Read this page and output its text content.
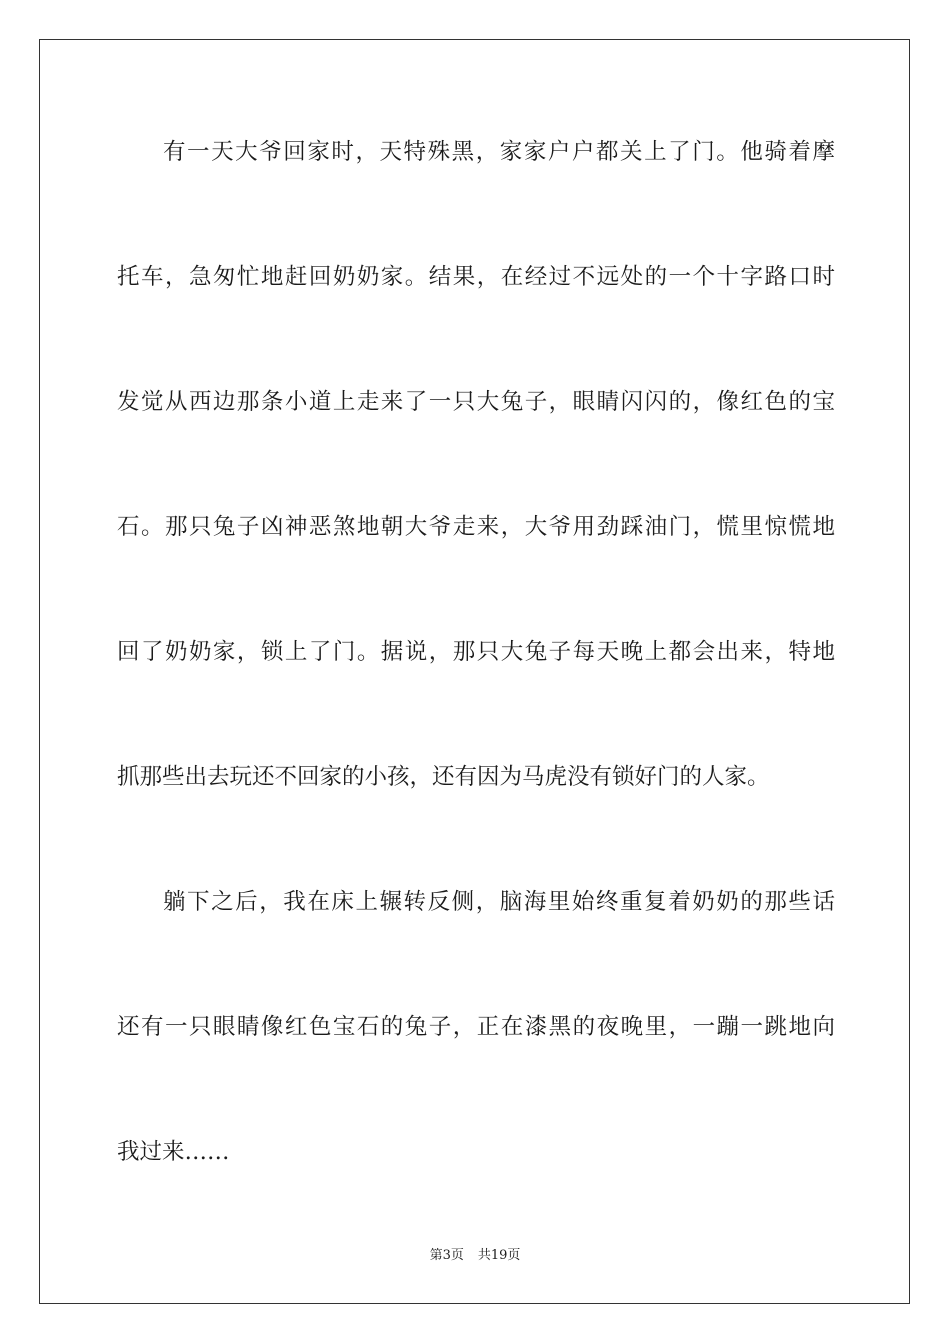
有一天大爷回家时，天特殊黑，家家户户都关上了门。他骑着摩
托车，急匆忙地赶回奶奶家。结果，在经过不远处的一个十字路口时
发觉从西边那条小道上走来了一只大兔子，眼睛闪闪的，像红色的宝
石。那只兔子凶神恶煞地朝大爷走来，大爷用劲踩油门，慌里惊慌地
回了奶奶家，锁上了门。据说，那只大兔子每天晚上都会出来，特地
抓那些出去玩还不回家的小孩，还有因为马虎没有锁好门的人家。
躺下之后，我在床上辗转反侧，脑海里始终重复着奶奶的那些话
还有一只眼睛像红色宝石的兔子，正在漆黑的夜晚里，一蹦一跳地向
我过来……
第3页 共19页
